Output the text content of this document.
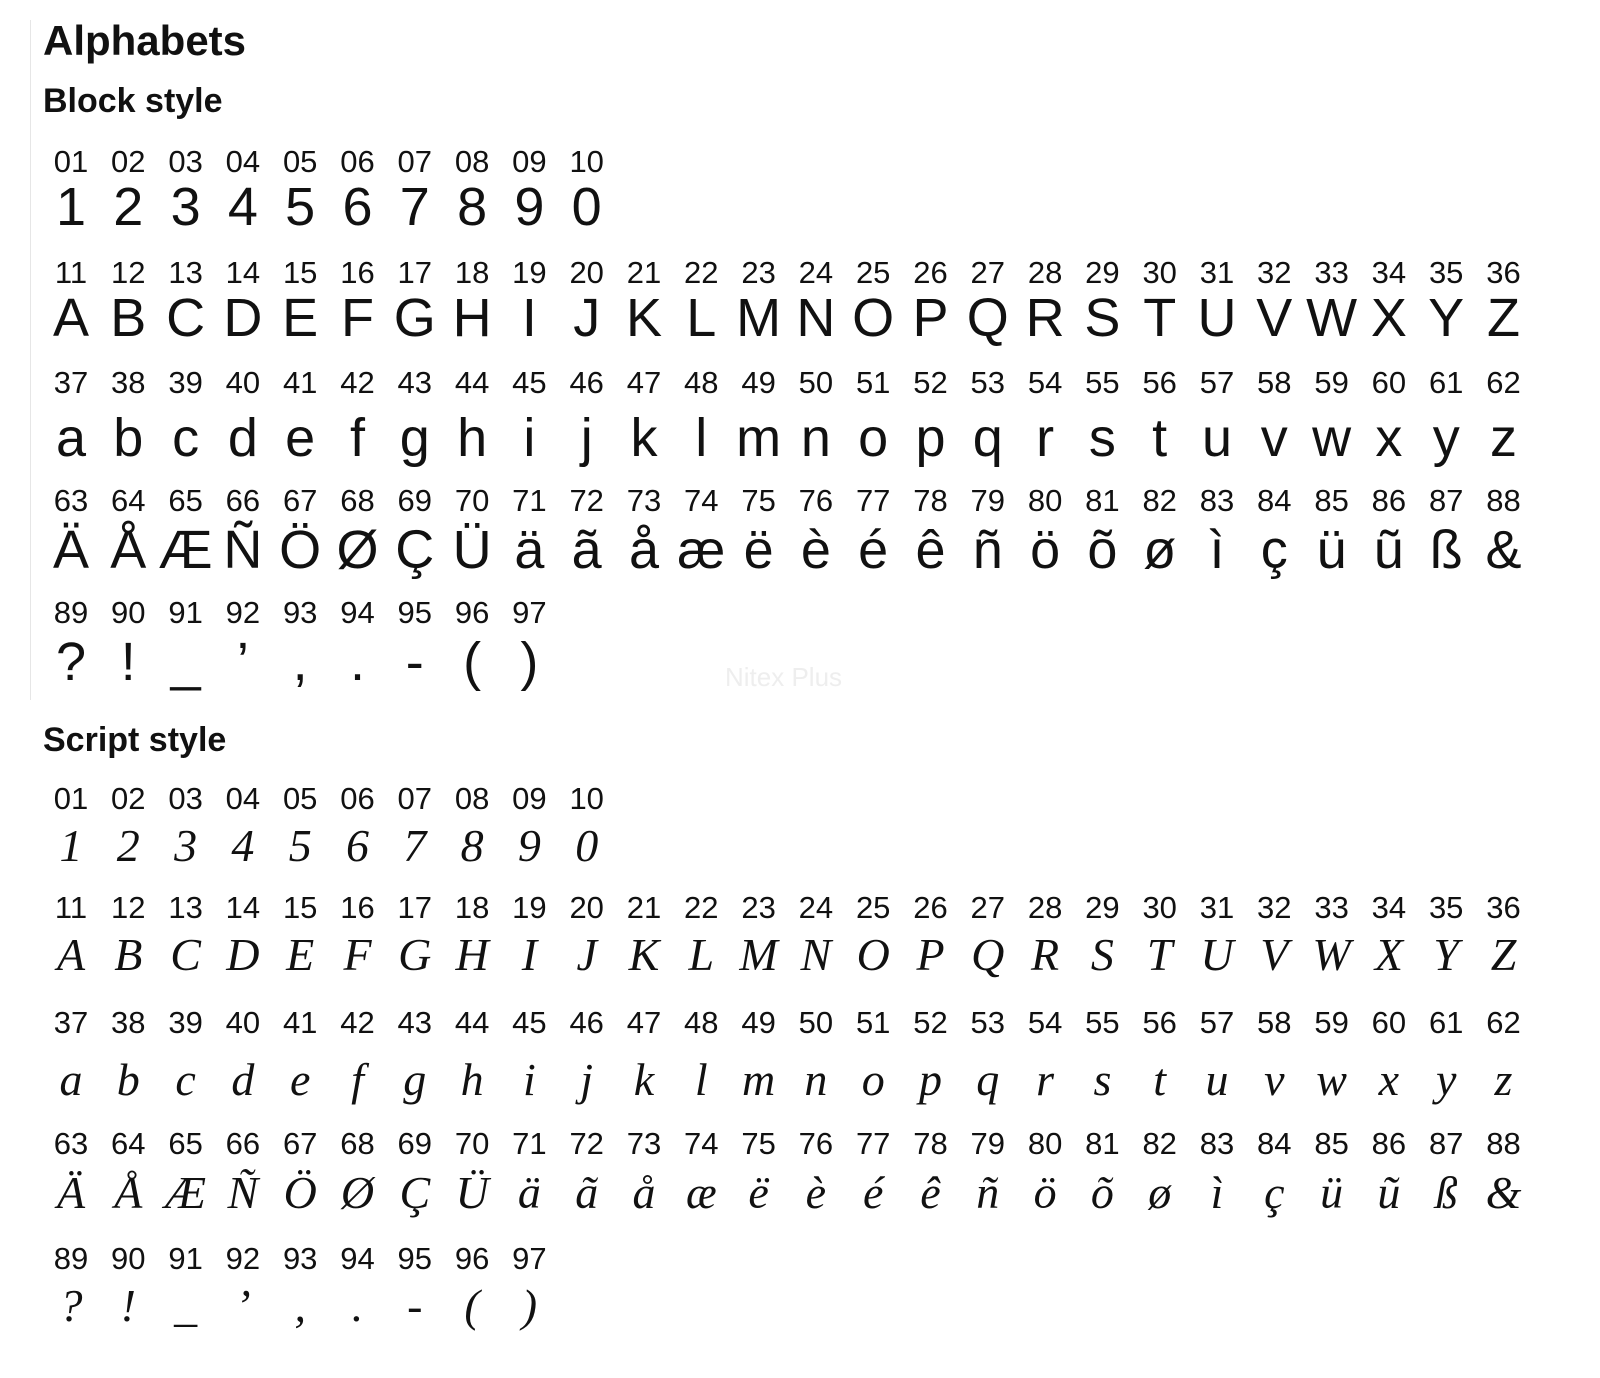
Alphabets
Block style
01
1
02
2
03
3
04
4
05
5
06
6
07
7
08
8
09
9
10
0
11
A
12
B
13
C
14
D
15
E
16
F
17
G
18
H
19
I
20
J
21
K
22
L
23
M
24
N
25
O
26
P
27
Q
28
R
29
S
30
T
31
U
32
V
33
W
34
X
35
Y
36
Z
37
a
38
b
39
c
40
d
41
e
42
f
43
g
44
h
45
i
46
j
47
k
48
l
49
m
50
n
51
o
52
p
53
q
54
r
55
s
56
t
57
u
58
v
59
w
60
x
61
y
62
z
63
Ä
64
Å
65
Æ
66
Ñ
67
Ö
68
Ø
69
Ç
70
Ü
71
ä
72
ã
73
å
74
æ
75
ë
76
è
77
é
78
ê
79
ñ
80
ö
81
õ
82
ø
83
ì
84
ç
85
ü
86
ũ
87
ß
88
&
89
?
90
!
91
_
92
’
93
,
94
.
95
-
96
(
97
)	Nitex Plus
Script style
01
1
02
2
03
3
04
4
05
5
06
6
07
7
08
8
09
9
10
0
11
A
12
B
13
C
14
D
15
E
16
F
17
G
18
H
19
I
20
J
21
K
22
L
23
M
24
N
25
O
26
P
27
Q
28
R
29
S
30
T
31
U
32
V
33
W
34
X
35
Y
36
Z
37
a
38
b
39
c
40
d
41
e
42
f
43
g
44
h
45
i
46
j
47
k
48
l
49
m
50
n
51
o
52
p
53
q
54
r
55
s
56
t
57
u
58
v
59
w
60
x
61
y
62
z
63
Ä
64
Å
65
Æ
66
Ñ
67
Ö
68
Ø
69
Ç
70
Ü
71
ä
72
ã
73
å
74
æ
75
ë
76
è
77
é
78
ê
79
ñ
80
ö
81
õ
82
ø
83
ì
84
ç
85
ü
86
ũ
87
ß
88
&
89
?
90
!
91
_
92
’
93
,
94
.
95
-
96
(
97
)
